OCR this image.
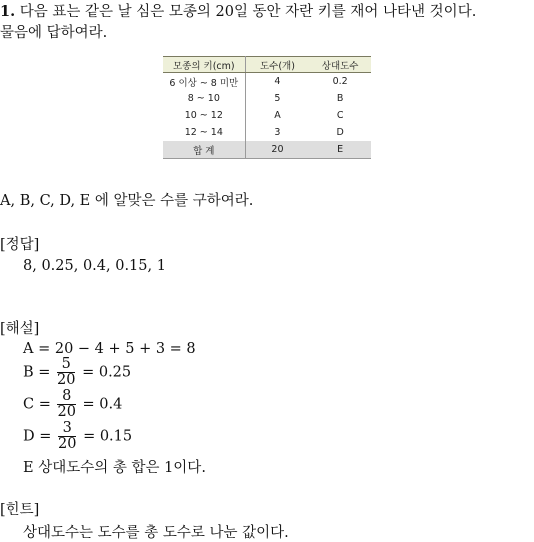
1. 다음 표는 같은 날 심은 모종의 20일 동안 자란 키를 재어 나타낸 것이다.
물음에 답하여라.
모종의 키(cm)	도수(개)	상대도수
6 이상 ~ 8 미만	4	0.2
8 ~ 10	5	B
10 ~ 12	A	C
12 ~ 14	3	D
합 계	20	E
A, B, C, D, E 에 알맞은 수를 구하여라.
[정답]
8, 0.25, 0.4, 0.15, 1
[해설]
A = 20 − 4 + 5 + 3 = 8
$B = \frac{5}{20} = 0.25$
$C = \frac{8}{20} = 0.4$
$D = \frac{3}{20} = 0.15$
E 상대도수의 총 합은 1이다.
[힌트]
상대도수는 도수를 총 도수로 나눈 값이다.
